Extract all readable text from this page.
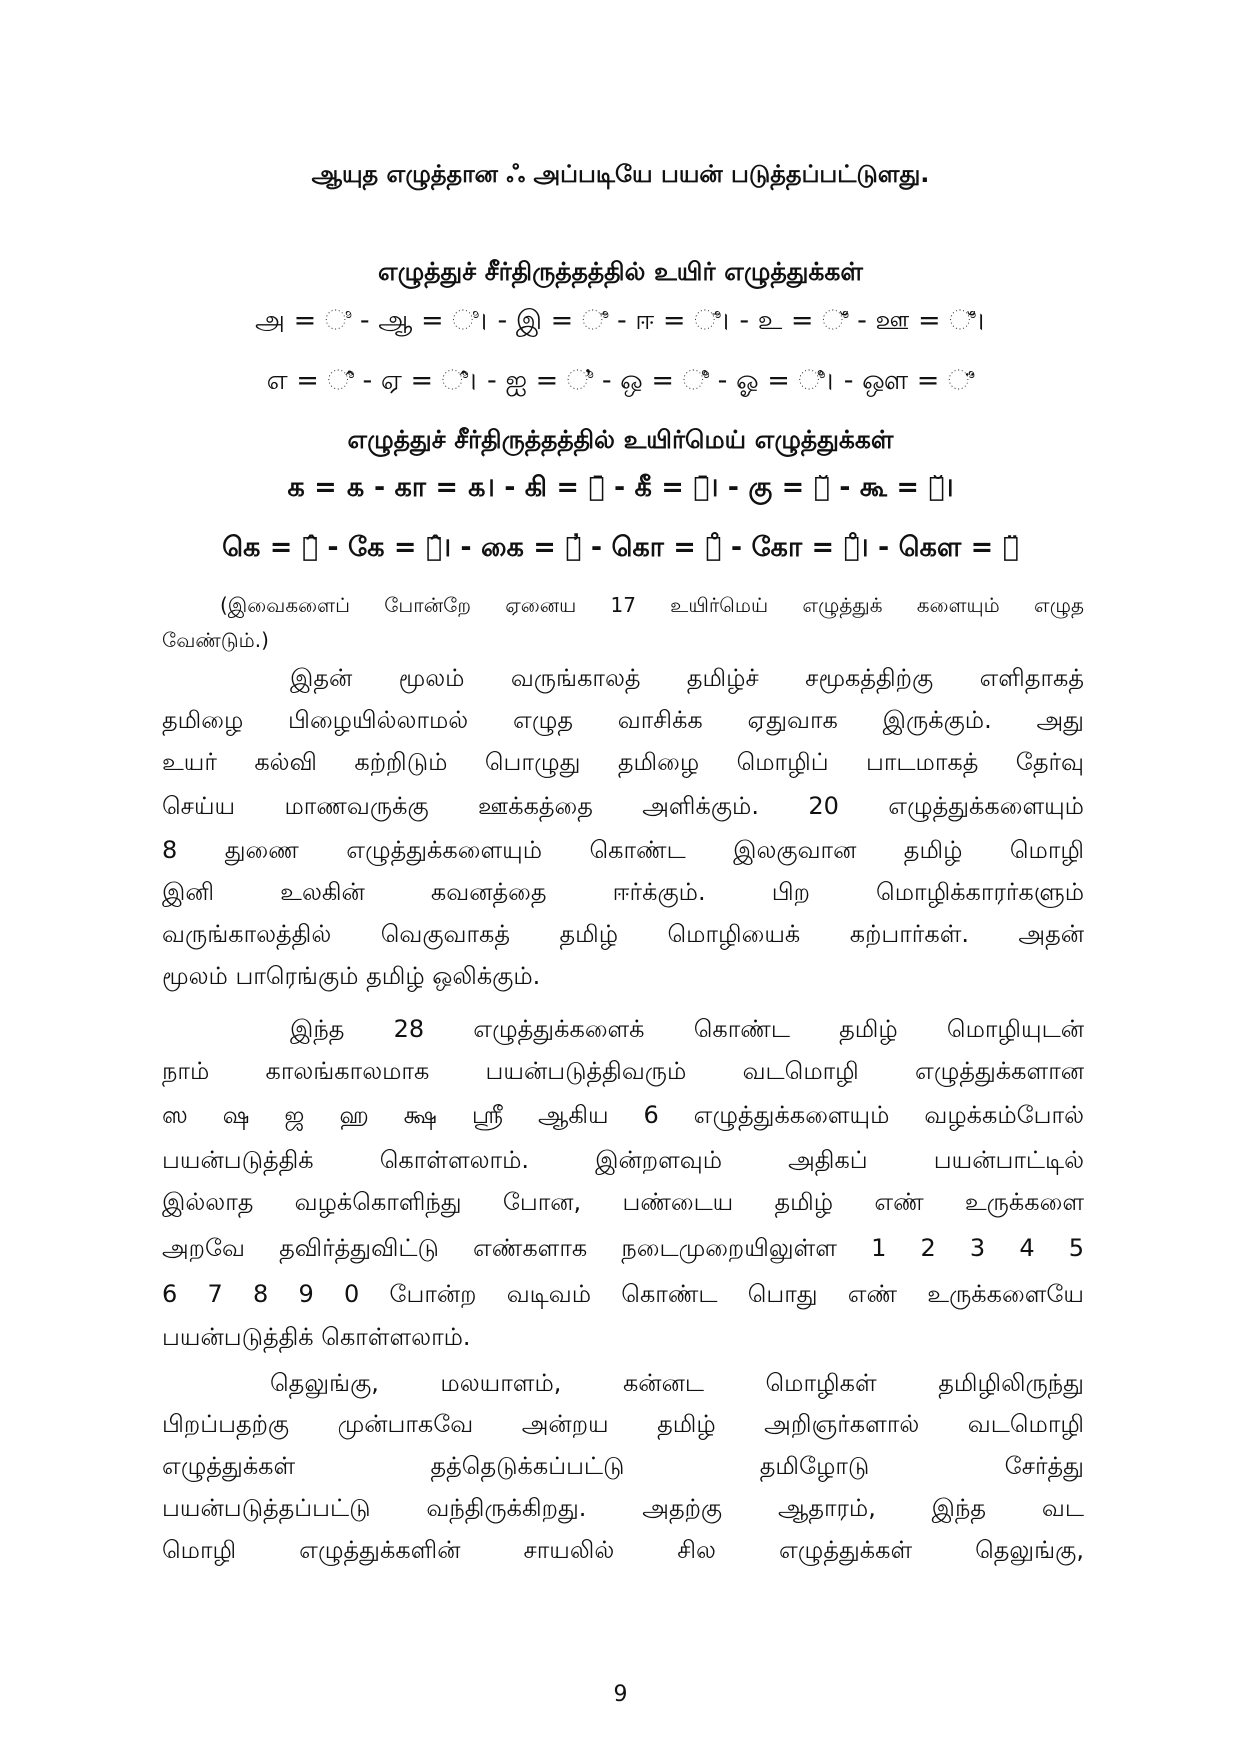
ஆயுத எழுத்தான ஃ அப்படியே பயன் படுத்தப்பட்டுளது.
எழுத்துச் சீர்திருத்தத்தில் உயிர் எழுத்துக்கள்
அ = ಿ - ஆ = ಿ। - இ = ಿ̄ - ஈ = ಿ̄। - உ = ಿ̆ - ஊ = ಿ̆।
எ = ಿ̂ - ஏ = ಿ̂। - ஐ = ಿ̓ - ஒ = ಿ̊ - ஓ = ಿ̊। - ஔ = ಿ̈
எழுத்துச் சீர்திருத்தத்தில் உயிர்மெய் எழுத்துக்கள்
க = ௧ - கா = ௧। - கி = ௧̄ - கீ = ௧̄। - கு = ௧̆ - கூ = ௧̆।
கெ = ௧̂ - கே = ௧̂। - கை = ௧̓ - கொ = ௧̊ - கோ = ௧̊। - கௌ = ௧̈
(இவைகளைப் போன்றே ஏனைய 17 உயிர்மெய் எழுத்துக் களையும் எழுத
வேண்டும்.)
இதன் மூலம் வருங்காலத் தமிழ்ச் சமூகத்திற்கு எளிதாகத்
தமிழை பிழையில்லாமல் எழுத வாசிக்க ஏதுவாக இருக்கும். அது
உயர் கல்வி கற்றிடும் பொழுது தமிழை மொழிப் பாடமாகத் தேர்வு
செய்ய மாணவருக்கு ஊக்கத்தை அளிக்கும். 20 எழுத்துக்களையும்
8 துணை எழுத்துக்களையும் கொண்ட இலகுவான தமிழ் மொழி
இனி உலகின் கவனத்தை ஈர்க்கும். பிற மொழிக்காரர்களும்
வருங்காலத்தில் வெகுவாகத் தமிழ் மொழியைக் கற்பார்கள். அதன்
மூலம் பாரெங்கும் தமிழ் ஒலிக்கும்.
இந்த 28 எழுத்துக்களைக் கொண்ட தமிழ் மொழியுடன்
நாம் காலங்காலமாக பயன்படுத்திவரும் வடமொழி எழுத்துக்களான
ஸ ஷ ஜ ஹ க்ஷ ஸ்ரீ ஆகிய 6 எழுத்துக்களையும் வழக்கம்போல்
பயன்படுத்திக் கொள்ளலாம். இன்றளவும் அதிகப் பயன்பாட்டில்
இல்லாத வழக்கொளிந்து போன, பண்டைய தமிழ் எண் உருக்களை
அறவே தவிர்த்துவிட்டு எண்களாக நடைமுறையிலுள்ள 1 2 3 4 5
6 7 8 9 0 போன்ற வடிவம் கொண்ட பொது எண் உருக்களையே
பயன்படுத்திக் கொள்ளலாம்.
தெலுங்கு, மலயாளம், கன்னட மொழிகள் தமிழிலிருந்து
பிறப்பதற்கு முன்பாகவே அன்றய தமிழ் அறிஞர்களால் வடமொழி
எழுத்துக்கள் தத்தெடுக்கப்பட்டு தமிழோடு சேர்த்து
பயன்படுத்தப்பட்டு வந்திருக்கிறது. அதற்கு ஆதாரம், இந்த வட
மொழி எழுத்துக்களின் சாயலில் சில எழுத்துக்கள் தெலுங்கு,
9
